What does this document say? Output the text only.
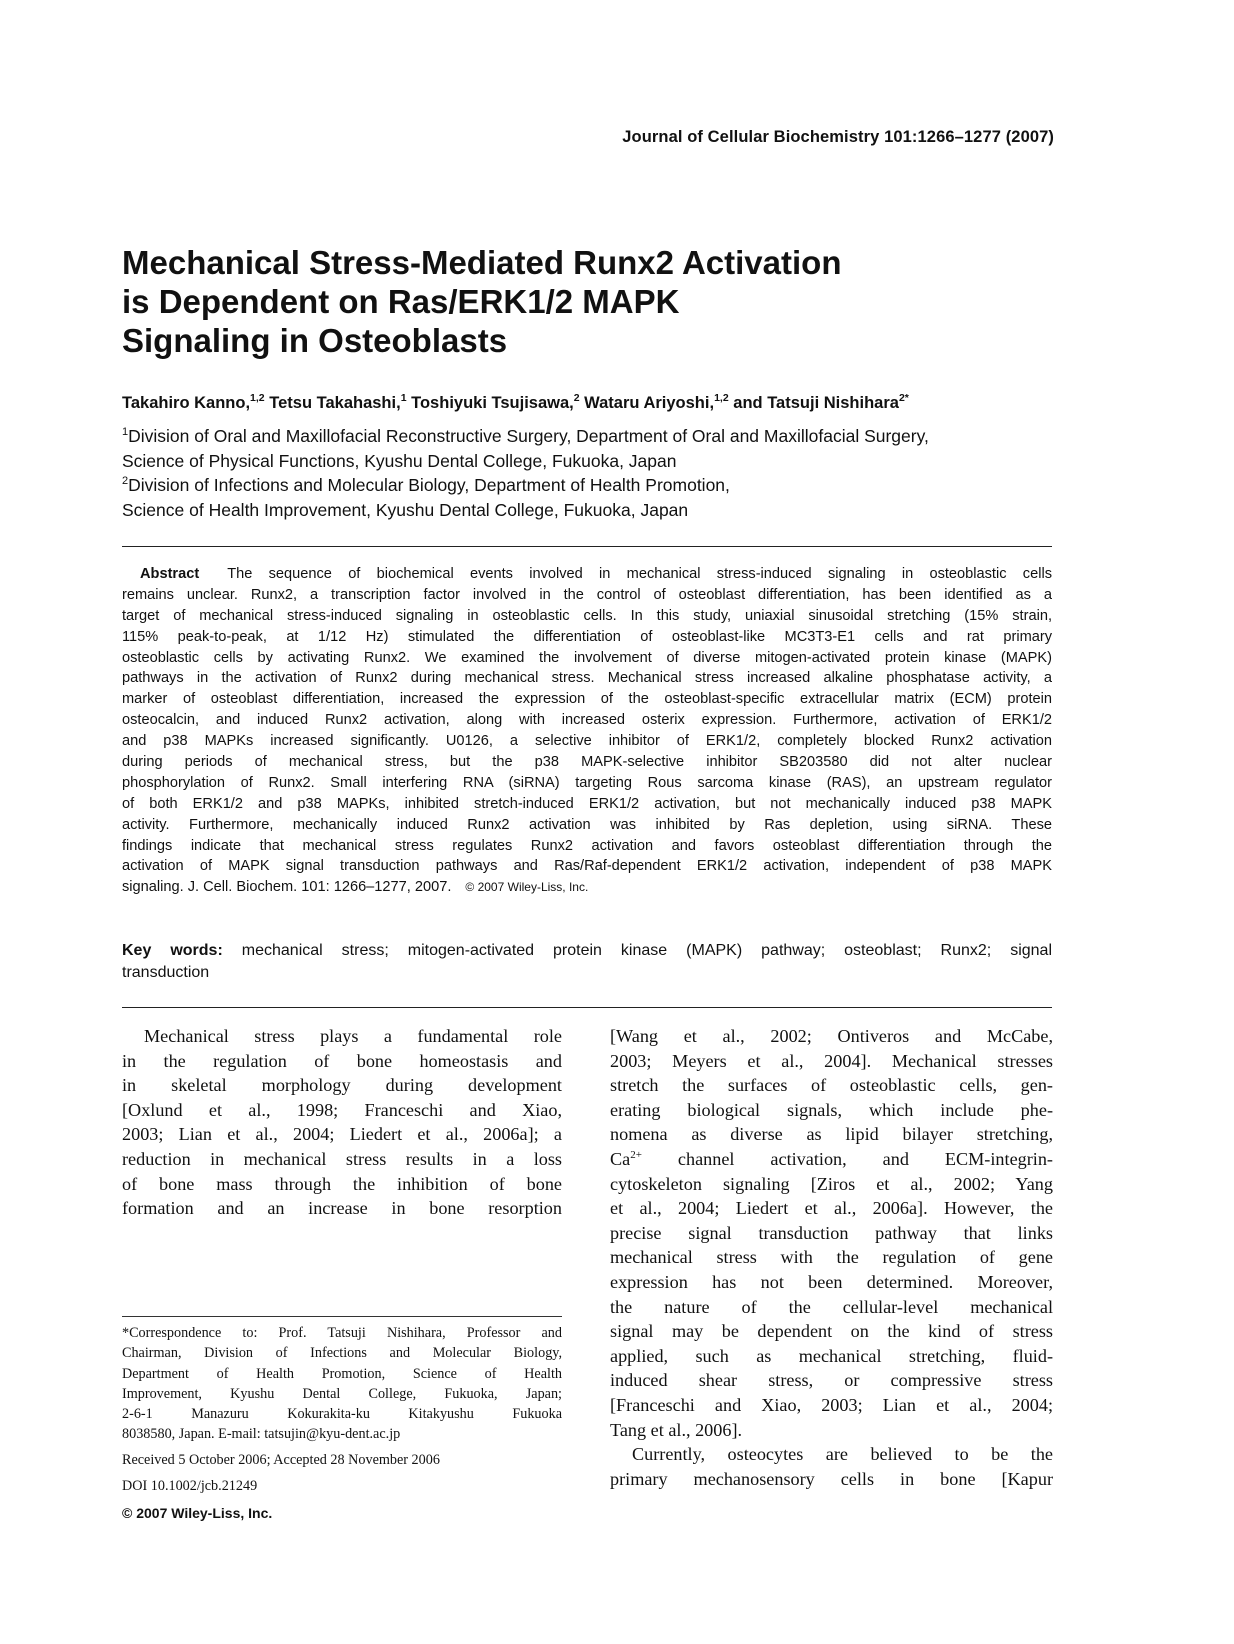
Journal of Cellular Biochemistry 101:1266–1277 (2007)
Mechanical Stress-Mediated Runx2 Activation
is Dependent on Ras/ERK1/2 MAPK
Signaling in Osteoblasts
Takahiro Kanno,$^{1,2}$ Tetsu Takahashi,$^1$ Toshiyuki Tsujisawa,$^2$ Wataru Ariyoshi,$^{1,2}$ and Tatsuji Nishihara$^{2*}$
$^1$Division of Oral and Maxillofacial Reconstructive Surgery, Department of Oral and Maxillofacial Surgery,
Science of Physical Functions, Kyushu Dental College, Fukuoka, Japan
$^2$Division of Infections and Molecular Biology, Department of Health Promotion,
Science of Health Improvement, Kyushu Dental College, Fukuoka, Japan
Abstract The sequence of biochemical events involved in mechanical stress-induced signaling in osteoblastic cells
remains unclear. Runx2, a transcription factor involved in the control of osteoblast differentiation, has been identified as a
target of mechanical stress-induced signaling in osteoblastic cells. In this study, uniaxial sinusoidal stretching (15% strain,
115% peak-to-peak, at 1/12 Hz) stimulated the differentiation of osteoblast-like MC3T3-E1 cells and rat primary
osteoblastic cells by activating Runx2. We examined the involvement of diverse mitogen-activated protein kinase (MAPK)
pathways in the activation of Runx2 during mechanical stress. Mechanical stress increased alkaline phosphatase activity, a
marker of osteoblast differentiation, increased the expression of the osteoblast-specific extracellular matrix (ECM) protein
osteocalcin, and induced Runx2 activation, along with increased osterix expression. Furthermore, activation of ERK1/2
and p38 MAPKs increased significantly. U0126, a selective inhibitor of ERK1/2, completely blocked Runx2 activation
during periods of mechanical stress, but the p38 MAPK-selective inhibitor SB203580 did not alter nuclear
phosphorylation of Runx2. Small interfering RNA (siRNA) targeting Rous sarcoma kinase (RAS), an upstream regulator
of both ERK1/2 and p38 MAPKs, inhibited stretch-induced ERK1/2 activation, but not mechanically induced p38 MAPK
activity. Furthermore, mechanically induced Runx2 activation was inhibited by Ras depletion, using siRNA. These
findings indicate that mechanical stress regulates Runx2 activation and favors osteoblast differentiation through the
activation of MAPK signal transduction pathways and Ras/Raf-dependent ERK1/2 activation, independent of p38 MAPK
signaling. J. Cell. Biochem. 101: 1266–1277, 2007. © 2007 Wiley-Liss, Inc.
Key words: mechanical stress; mitogen-activated protein kinase (MAPK) pathway; osteoblast; Runx2; signal
transduction
Mechanical stress plays a fundamental role
in the regulation of bone homeostasis and
in skeletal morphology during development
[Oxlund et al., 1998; Franceschi and Xiao,
2003; Lian et al., 2004; Liedert et al., 2006a]; a
reduction in mechanical stress results in a loss
of bone mass through the inhibition of bone
formation and an increase in bone resorption
[Wang et al., 2002; Ontiveros and McCabe,
2003; Meyers et al., 2004]. Mechanical stresses
stretch the surfaces of osteoblastic cells, gen-
erating biological signals, which include phe-
nomena as diverse as lipid bilayer stretching,
$Ca^{2+}$ channel activation, and ECM-integrin-
cytoskeleton signaling [Ziros et al., 2002; Yang
et al., 2004; Liedert et al., 2006a]. However, the
precise signal transduction pathway that links
mechanical stress with the regulation of gene
expression has not been determined. Moreover,
the nature of the cellular-level mechanical
signal may be dependent on the kind of stress
applied, such as mechanical stretching, fluid-
induced shear stress, or compressive stress
[Franceschi and Xiao, 2003; Lian et al., 2004;
Tang et al., 2006].
Currently, osteocytes are believed to be the
primary mechanosensory cells in bone [Kapur
*Correspondence to: Prof. Tatsuji Nishihara, Professor and
Chairman, Division of Infections and Molecular Biology,
Department of Health Promotion, Science of Health
Improvement, Kyushu Dental College, Fukuoka, Japan;
2-6-1 Manazuru Kokurakita-ku Kitakyushu Fukuoka
8038580, Japan. E-mail: tatsujin@kyu-dent.ac.jp
Received 5 October 2006; Accepted 28 November 2006
DOI 10.1002/jcb.21249
© 2007 Wiley-Liss, Inc.
